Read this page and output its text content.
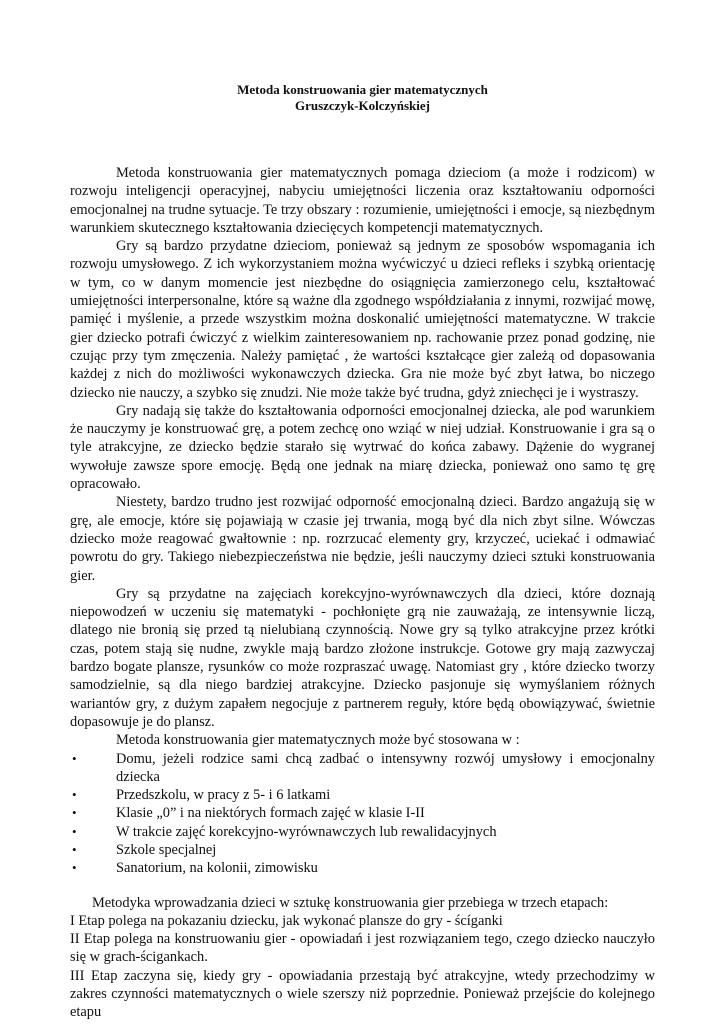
Metoda konstruowania gier matematycznych

Gruszczyk-Kolczyńskiej

Metoda konstruowania gier matematycznych pomaga dzieciom (a może i rodzicom) w rozwoju inteligencji operacyjnej, nabyciu umiejętności liczenia oraz kształtowaniu odporności emocjonalnej na trudne sytuacje. Te trzy obszary : rozumienie, umiejętności i emocje, są niezbędnym warunkiem skutecznego kształtowania dziecięcych kompetencji matematycznych.

Gry są bardzo przydatne dzieciom, ponieważ są jednym ze sposobów wspomagania ich rozwoju umysłowego. Z ich wykorzystaniem można wyćwiczyć u dzieci refleks i szybką orientację w tym, co w danym momencie jest niezbędne do osiągnięcia zamierzonego celu, kształtować umiejętności interpersonalne, które są ważne dla zgodnego współdziałania z innymi, rozwijać mowę, pamięć i myślenie, a przede wszystkim można doskonalić umiejętności matematyczne. W trakcie gier dziecko potrafi ćwiczyć z wielkim zainteresowaniem np. rachowanie przez ponad godzinę, nie czując przy tym zmęczenia. Należy pamiętać , że wartości kształcące gier zależą od dopasowania każdej z nich do możliwości wykonawczych dziecka. Gra nie może być zbyt łatwa, bo niczego dziecko nie nauczy, a szybko się znudzi. Nie może także być trudna, gdyż zniechęci je i wystraszy.

Gry nadają się także do kształtowania odporności emocjonalnej dziecka, ale pod warunkiem że nauczymy je konstruować grę, a potem zechcę ono wziąć w niej udział. Konstruowanie i gra są o tyle atrakcyjne, ze dziecko będzie starało się wytrwać do końca zabawy. Dążenie do wygranej wywołuje zawsze spore emocję. Będą one jednak na miarę dziecka, ponieważ ono samo tę grę opracowało.

Niestety, bardzo trudno jest rozwijać odporność emocjonalną dzieci. Bardzo angażują się w grę, ale emocje, które się pojawiają w czasie jej trwania, mogą być dla nich zbyt silne. Wówczas dziecko może reagować gwałtownie : np. rozrzucać elementy gry, krzyczeć, uciekać i odmawiać powrotu do gry. Takiego niebezpieczeństwa nie będzie, jeśli nauczymy dzieci sztuki konstruowania gier.

Gry są przydatne na zajęciach korekcyjno-wyrównawczych dla dzieci, które doznają niepowodzeń w uczeniu się matematyki - pochłonięte grą nie zauważają, ze intensywnie liczą, dlatego nie bronią się przed tą nielubianą czynnością. Nowe gry są tylko atrakcyjne przez krótki czas, potem stają się nudne, zwykle mają bardzo złożone instrukcje. Gotowe gry mają zazwyczaj bardzo bogate plansze, rysunków co może rozpraszać uwagę. Natomiast gry , które dziecko tworzy samodzielnie, są dla niego bardziej atrakcyjne. Dziecko pasjonuje się wymyślaniem różnych wariantów gry, z dużym zapałem negocjuje z partnerem reguły, które będą obowiązywać, świetnie dopasowuje je do plansz.

Metoda konstruowania gier matematycznych może być stosowana w :

•	Domu, jeżeli rodzice sami chcą zadbać o intensywny rozwój umysłowy i emocjonalny dziecka
•	Przedszkolu, w pracy z 5- i 6 latkami
•	Klasie „0” i na niektórych formach zajęć w klasie I-II
•	W trakcie zajęć korekcyjno-wyrównawczych lub rewalidacyjnych
•	Szkole specjalnej
•	Sanatorium, na kolonii, zimowisku

Metodyka wprowadzania dzieci w sztukę konstruowania gier przebiega w trzech etapach:

I Etap polega na pokazaniu dziecku, jak wykonać plansze do gry - ścíganki

II Etap polega na konstruowaniu gier - opowiadań i jest rozwiązaniem tego, czego dziecko nauczyło się w grach-ścigankach.

III Etap zaczyna się, kiedy gry - opowiadania przestają być atrakcyjne, wtedy przechodzimy w zakres czynności matematycznych o wiele szerszy niż poprzednie. Ponieważ przejście do kolejnego etapu
